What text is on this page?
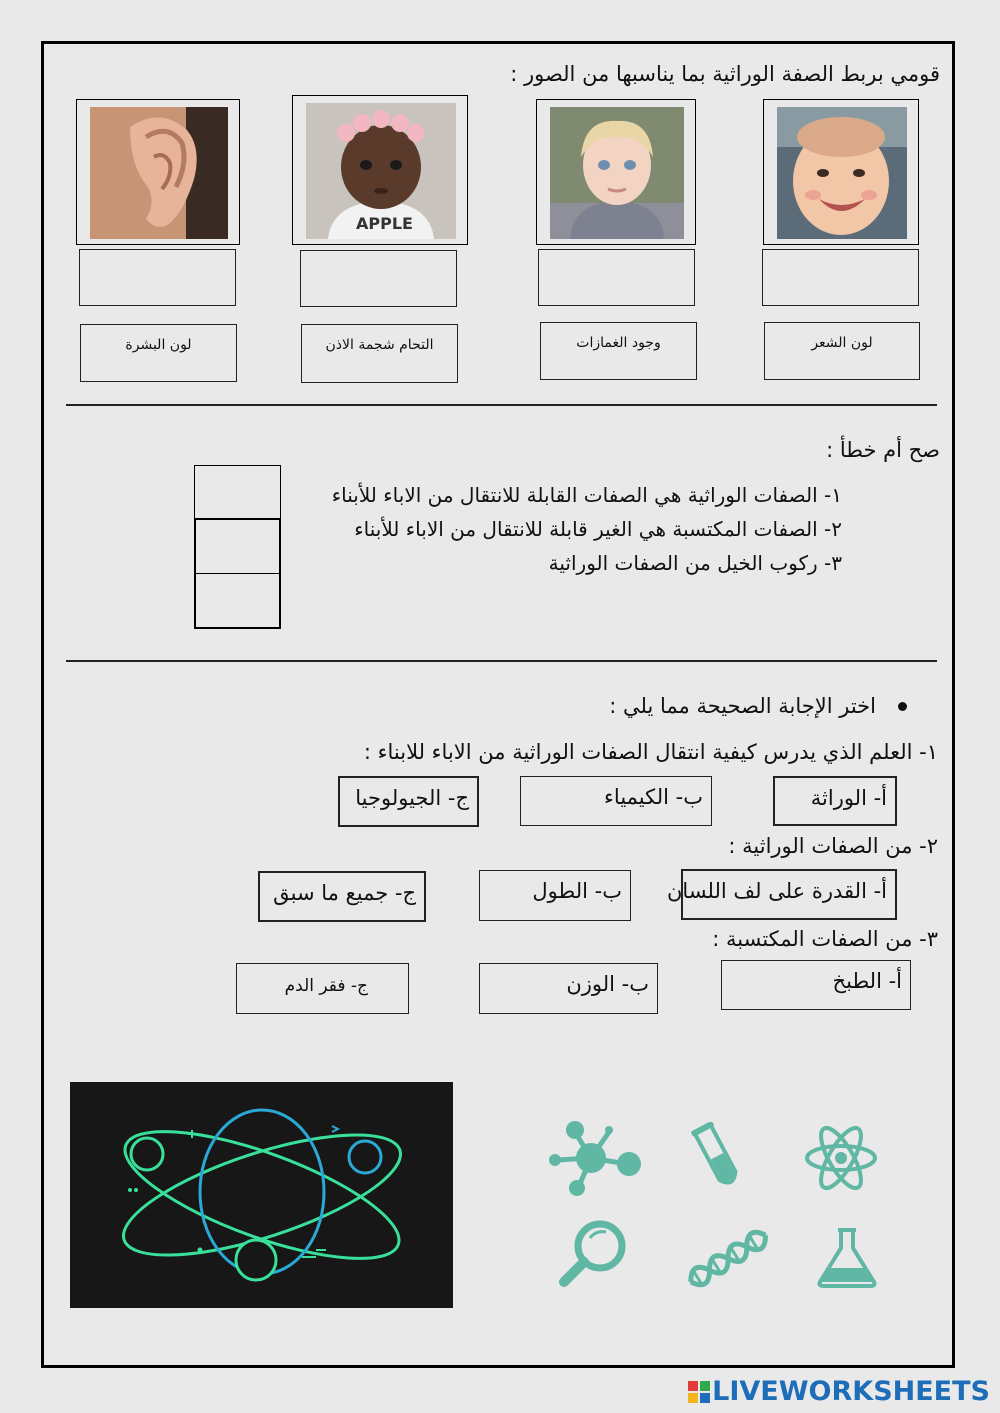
قومي بربط الصفة الوراثية بما يناسبها من الصور :
APPLE
لون الشعر
وجود الغمازات
التحام شجمة الاذن
لون البشرة
صح أم خطأ :
١- الصفات الوراثية هي الصفات القابلة للانتقال من الاباء للأبناء
٢- الصفات المكتسبة هي الغير قابلة للانتقال من الاباء للأبناء
٣- ركوب الخيل من الصفات الوراثية
اختر الإجابة الصحيحة مما يلي :
١- العلم الذي يدرس كيفية انتقال الصفات الوراثية من الاباء للابناء :
أ- الوراثة
ب- الكيمياء
ج- الجيولوجيا
٢- من الصفات الوراثية :
أ- القدرة على لف اللسان
ب- الطول
ج- جميع ما سبق
٣- من الصفات المكتسبة :
أ- الطبخ
ب- الوزن
ج- فقر الدم
LIVEWORKSHEETS
